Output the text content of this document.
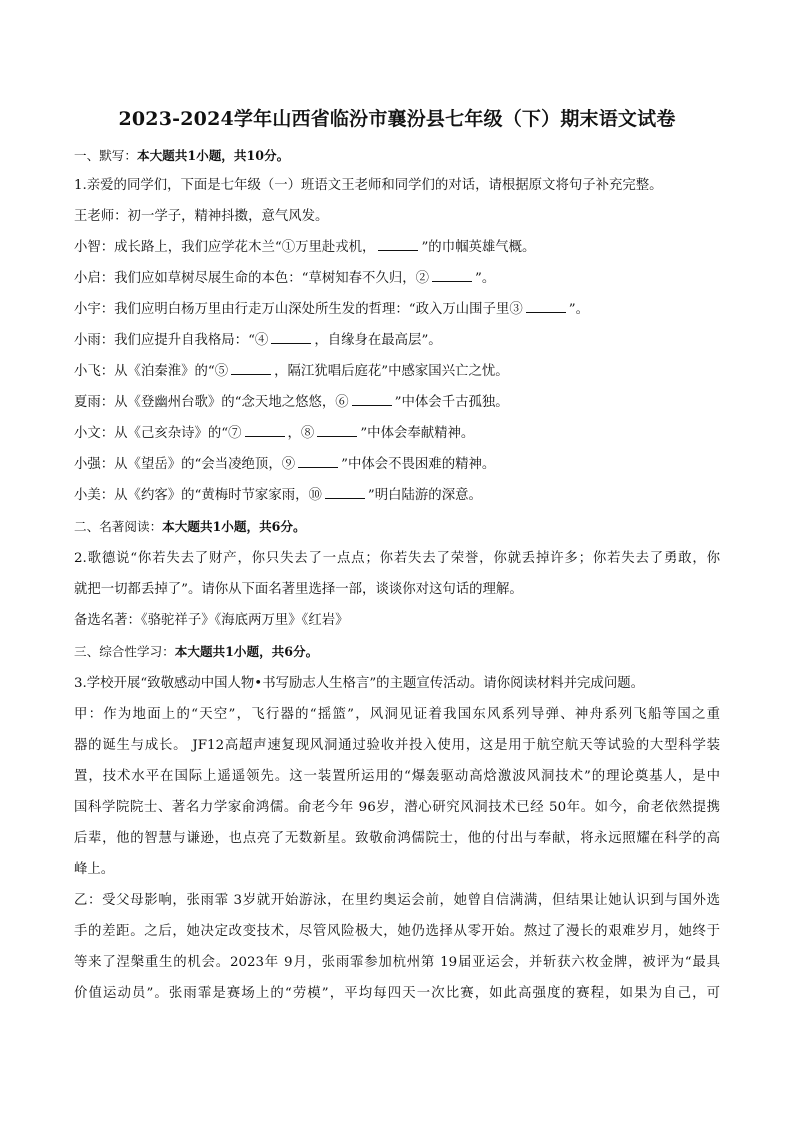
2023-2024学年山西省临汾市襄汾县七年级（下）期末语文试卷
一、默写：本大题共1小题，共10分。
1.亲爱的同学们，下面是七年级（一）班语文王老师和同学们的对话，请根据原文将句子补充完整。
王老师：初一学子，精神抖擞，意气风发。
小智：成长路上，我们应学花木兰“①万里赴戎机，	”的巾帼英雄气概。
小启：我们应如草树尽展生命的本色：“草树知春不久归，②	”。
小宇：我们应明白杨万里由行走万山深处所生发的哲理：“政入万山围子里③	”。
小雨：我们应提升自我格局：“④	，自缘身在最高层”。
小飞：从《泊秦淮》的“⑤	，隔江犹唱后庭花”中感家国兴亡之忧。
夏雨：从《登幽州台歌》的“念天地之悠悠，⑥	”中体会千古孤独。
小文：从《己亥杂诗》的“⑦	，⑧	”中体会奉献精神。
小强：从《望岳》的“会当凌绝顶，⑨	”中体会不畏困难的精神。
小美：从《约客》的“黄梅时节家家雨，⑩	”明白陆游的深意。
二、名著阅读：本大题共1小题，共6分。
2.歌德说“你若失去了财产，你只失去了一点点；你若失去了荣誉，你就丢掉许多；你若失去了勇敢，你
就把一切都丢掉了”。请你从下面名著里选择一部，谈谈你对这句话的理解。
备选名著：《骆驼祥子》《海底两万里》《红岩》
三、综合性学习：本大题共1小题，共6分。
3.学校开展“致敬感动中国人物•书写励志人生格言”的主题宣传活动。请你阅读材料并完成问题。
甲：作为地面上的“天空”，飞行器的“摇篮”，风洞见证着我国东风系列导弹、神舟系列飞船等国之重
器的诞生与成长。 JF12高超声速复现风洞通过验收并投入使用，这是用于航空航天等试验的大型科学装
置，技术水平在国际上遥遥领先。这一装置所运用的“爆轰驱动高焓激波风洞技术”的理论奠基人，是中
国科学院院士、著名力学家俞鸿儒。俞老今年 96岁，潜心研究风洞技术已经 50年。如今，俞老依然提携
后辈，他的智慧与谦逊，也点亮了无数新星。致敬俞鸿儒院士，他的付出与奉献，将永远照耀在科学的高
峰上。
乙：受父母影响，张雨霏 3岁就开始游泳，在里约奥运会前，她曾自信满满，但结果让她认识到与国外选
手的差距。之后，她决定改变技术，尽管风险极大，她仍选择从零开始。熬过了漫长的艰难岁月，她终于
等来了涅槃重生的机会。2023年 9月，张雨霏参加杭州第 19届亚运会，并斩获六枚金牌，被评为“最具
价值运动员”。张雨霏是赛场上的“劳模”，平均每四天一次比赛，如此高强度的赛程，如果为自己，可
